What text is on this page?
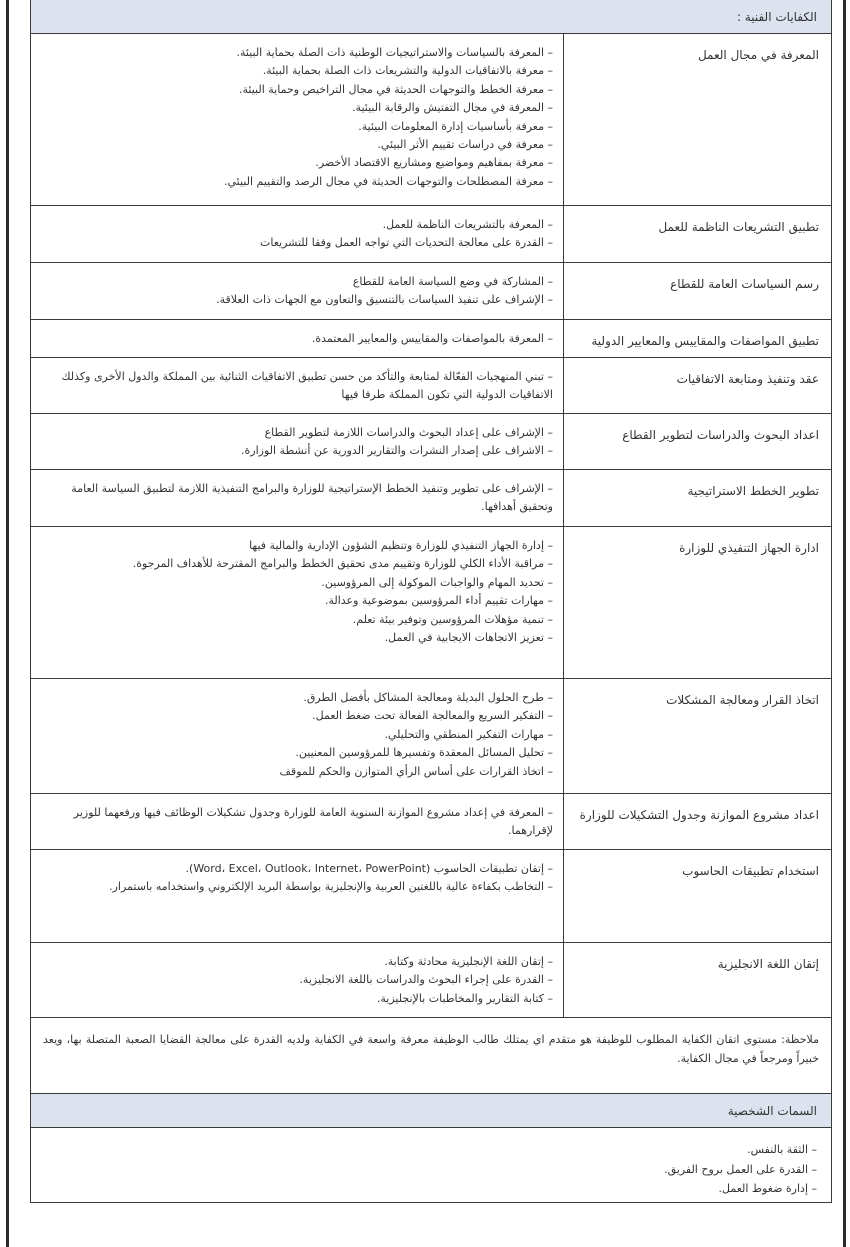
الكفايات الفنية :
المعرفة في مجال العمل
– المعرفة بالسياسات والاستراتيجيات الوطنية ذات الصلة بحماية البيئة.
– معرفة بالاتفاقيات الدولية والتشريعات ذات الصلة بحماية البيئة.
– معرفة الخطط والتوجهات الحديثة في مجال التراخيص وحماية البيئة.
– المعرفة في مجال التفتيش والرقابة البيئية.
– معرفة بأساسيات إدارة المعلومات البيئية.
– معرفة في دراسات تقييم الأثر البيئي.
– معرفة بمفاهيم ومواضيع ومشاريع الاقتصاد الأخضر.
– معرفة المصطلحات والتوجهات الحديثة في مجال الرصد والتقييم البيئي.
تطبيق التشريعات الناظمة للعمل
– المعرفة بالتشريعات الناظمة للعمل.
– القدرة على معالجة التحديات التي تواجه العمل وفقا للتشريعات
رسم السياسات العامة للقطاع
– المشاركة في وضع السياسة العامة للقطاع
– الإشراف على تنفيذ السياسات بالتنسيق والتعاون مع الجهات ذات العلاقة.
تطبيق المواصفات والمقاييس والمعايير الدولية
– المعرفة بالمواصفات والمقاييس والمعايير المعتمدة.
عقد وتنفيذ ومتابعة الاتفاقيات
– تبني المنهجيات الفعّالة لمتابعة والتأكد من حسن تطبيق الاتفاقيات الثنائية بين المملكة والدول الأخرى وكذلك الاتفاقيات الدولية التي تكون المملكة طرفا فيها
اعداد البحوث والدراسات لتطوير القطاع
– الإشراف على إعداد البحوث والدراسات اللازمة لتطوير القطاع
– الاشراف على إصدار النشرات والتقارير الدورية عن أنشطة الوزارة.
تطوير الخطط الاستراتيجية
– الإشراف على تطوير وتنفيذ الخطط الإستراتيجية للوزارة والبرامج التنفيذية اللازمة لتطبيق السياسة العامة وتحقيق أهدافها.
ادارة الجهاز التنفيذي للوزارة
– إدارة الجهاز التنفيذي للوزارة وتنظيم الشؤون الإدارية والمالية فيها
– مراقبة الأداء الكلي للوزارة وتقييم مدى تحقيق الخطط والبرامج المقترحة للأهداف المرجوة.
– تحديد المهام والواجبات الموكولة إلى المرؤوسين.
– مهارات تقييم أداء المرؤوسين بموضوعية وعدالة.
– تنمية مؤهلات المرؤوسين وتوفير بيئة تعلم.
– تعزيز الاتجاهات الايجابية في العمل.
اتخاذ القرار ومعالجة المشكلات
– طرح الحلول البديلة ومعالجة المشاكل بأفضل الطرق.
– التفكير السريع والمعالجة الفعالة تحت ضغط العمل.
– مهارات التفكير المنطقي والتحليلي.
– تحليل المسائل المعقدة وتفسيرها للمرؤوسين المعنيين.
– اتخاذ القرارات على أساس الرأي المتوازن والحكم للموقف
اعداد مشروع الموازنة وجدول التشكيلات للوزارة
– المعرفة في إعداد مشروع الموازنة السنوية العامة للوزارة وجدول تشكيلات الوظائف فيها ورفعهما للوزير لإقرارهما.
استخدام تطبيقات الحاسوب
– إتقان تطبيقات الحاسوب (Word، Excel، Outlook، Internet، PowerPoint).
– التخاطب بكفاءة عالية باللغتين العربية والإنجليزية بواسطة البريد الإلكتروني واستخدامه باستمرار.
إتقان اللغة الانجليزية
– إتقان اللغة الإنجليزية محادثة وكتابة.
– القدرة على إجراء البحوث والدراسات باللغة الانجليزية.
– كتابة التقارير والمخاطبات بالإنجليزية.
ملاحظة: مستوى اتقان الكفاية المطلوب للوظيفة هو متقدم اي يمتلك طالب الوظيفة معرفة واسعة في الكفاية ولديه القدرة على معالجة القضايا الصعبة المتصلة بها، ويعد خبيراً ومرجعاً في مجال الكفاية.
السمات الشخصية
– الثقة بالنفس.
– القدرة على العمل بروح الفريق.
– إدارة ضغوط العمل.
